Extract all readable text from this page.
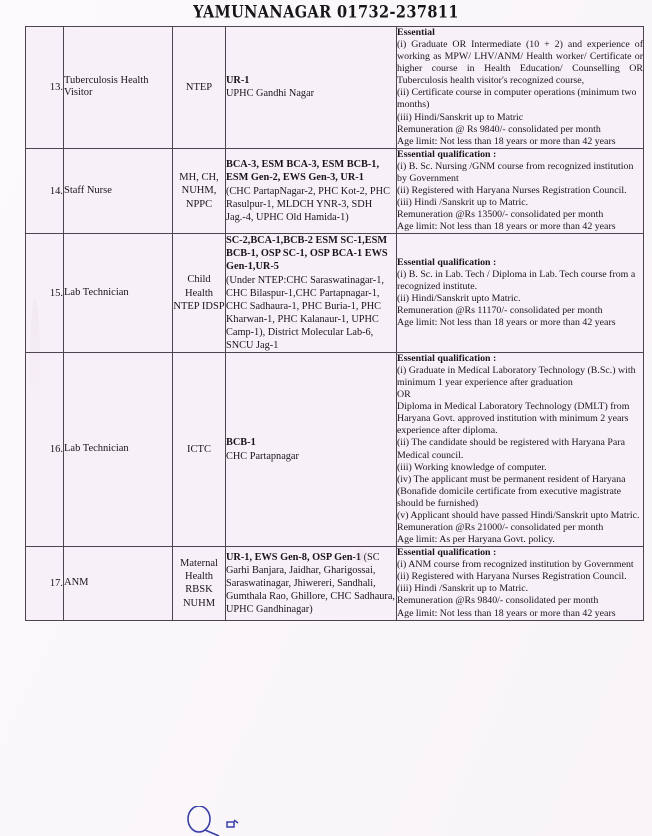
YAMUNANAGAR 01732-237811
13.	Tuberculosis Health Visitor	NTEP	UR-1
UPHC Gandhi Nagar	
Essential
(i) Graduate OR Intermediate (10 + 2) and experience of working as MPW/ LHV/ANM/ Health worker/ Certificate or higher course in Health Education/ Counselling OR Tuberculosis health visitor's recognized course,
(ii) Certificate course in computer operations (minimum two months)
(iii) Hindi/Sanskrit up to Matric
Remuneration @ Rs 9840/- consolidated per month
Age limit: Not less than 18 years or more than 42 years

14.	Staff Nurse	MH, CH, NUHM, NPPC	BCA-3, ESM BCA-3, ESM BCB-1, ESM Gen-2, EWS Gen-3, UR-1
(CHC PartapNagar-2, PHC Kot-2, PHC Rasulpur-1, MLDCH YNR-3, SDH Jag.-4, UPHC Old Hamida-1)	
Essential qualification :
(i) B. Sc. Nursing /GNM course from recognized institution by Government
(ii) Registered with Haryana Nurses Registration Council.
(iii) Hindi /Sanskrit up to Matric.
Remuneration @Rs 13500/- consolidated per month
Age limit: Not less than 18 years or more than 42 years

15.	Lab Technician	Child Health NTEP IDSP	SC-2,BCA-1,BCB-2 ESM SC-1,ESM BCB-1, OSP SC-1, OSP BCA-1 EWS Gen-1,UR-5
(Under NTEP:CHC Saraswatinagar-1, CHC Bilaspur-1,CHC Partapnagar-1, CHC Sadhaura-1, PHC Buria-1, PHC Kharwan-1, PHC Kalanaur-1, UPHC Camp-1), District Molecular Lab-6, SNCU Jag-1	
Essential qualification :
(i) B. Sc. in Lab. Tech / Diploma in Lab. Tech course from a recognized institute.
(ii) Hindi/Sanskrit upto Matric.
Remuneration @Rs 11170/- consolidated per month
Age limit: Not less than 18 years or more than 42 years

16.	Lab Technician	ICTC	BCB-1
CHC Partapnagar	
Essential qualification :
(i) Graduate in Medical Laboratory Technology (B.Sc.) with minimum 1 year experience after graduation
OR
Diploma in Medical Laboratory Technology (DMLT) from Haryana Govt. approved institution with minimum 2 years experience after diploma.
(ii) The candidate should be registered with Haryana Para Medical council.
(iii) Working knowledge of computer.
(iv) The applicant must be permanent resident of Haryana (Bonafide domicile certificate from executive magistrate should be furnished)
(v) Applicant should have passed Hindi/Sanskrit upto Matric.
Remuneration @Rs 21000/- consolidated per month
Age limit: As per Haryana Govt. policy.

17.	ANM	Maternal Health RBSK NUHM	UR-1, EWS Gen-8, OSP Gen-1 (SC Garhi Banjara, Jaidhar, Gharigossai, Saraswatinagar, Jhiwereri, Sandhali, Gumthala Rao, Ghillore, CHC Sadhaura, UPHC Gandhinagar)	Essential qualification :
(i) ANM course from recognized institution by Government
(ii) Registered with Haryana Nurses Registration Council. (iii) Hindi /Sanskrit up to Matric.
Remuneration @Rs 9840/- consolidated per month
Age limit: Not less than 18 years or more than 42 years
